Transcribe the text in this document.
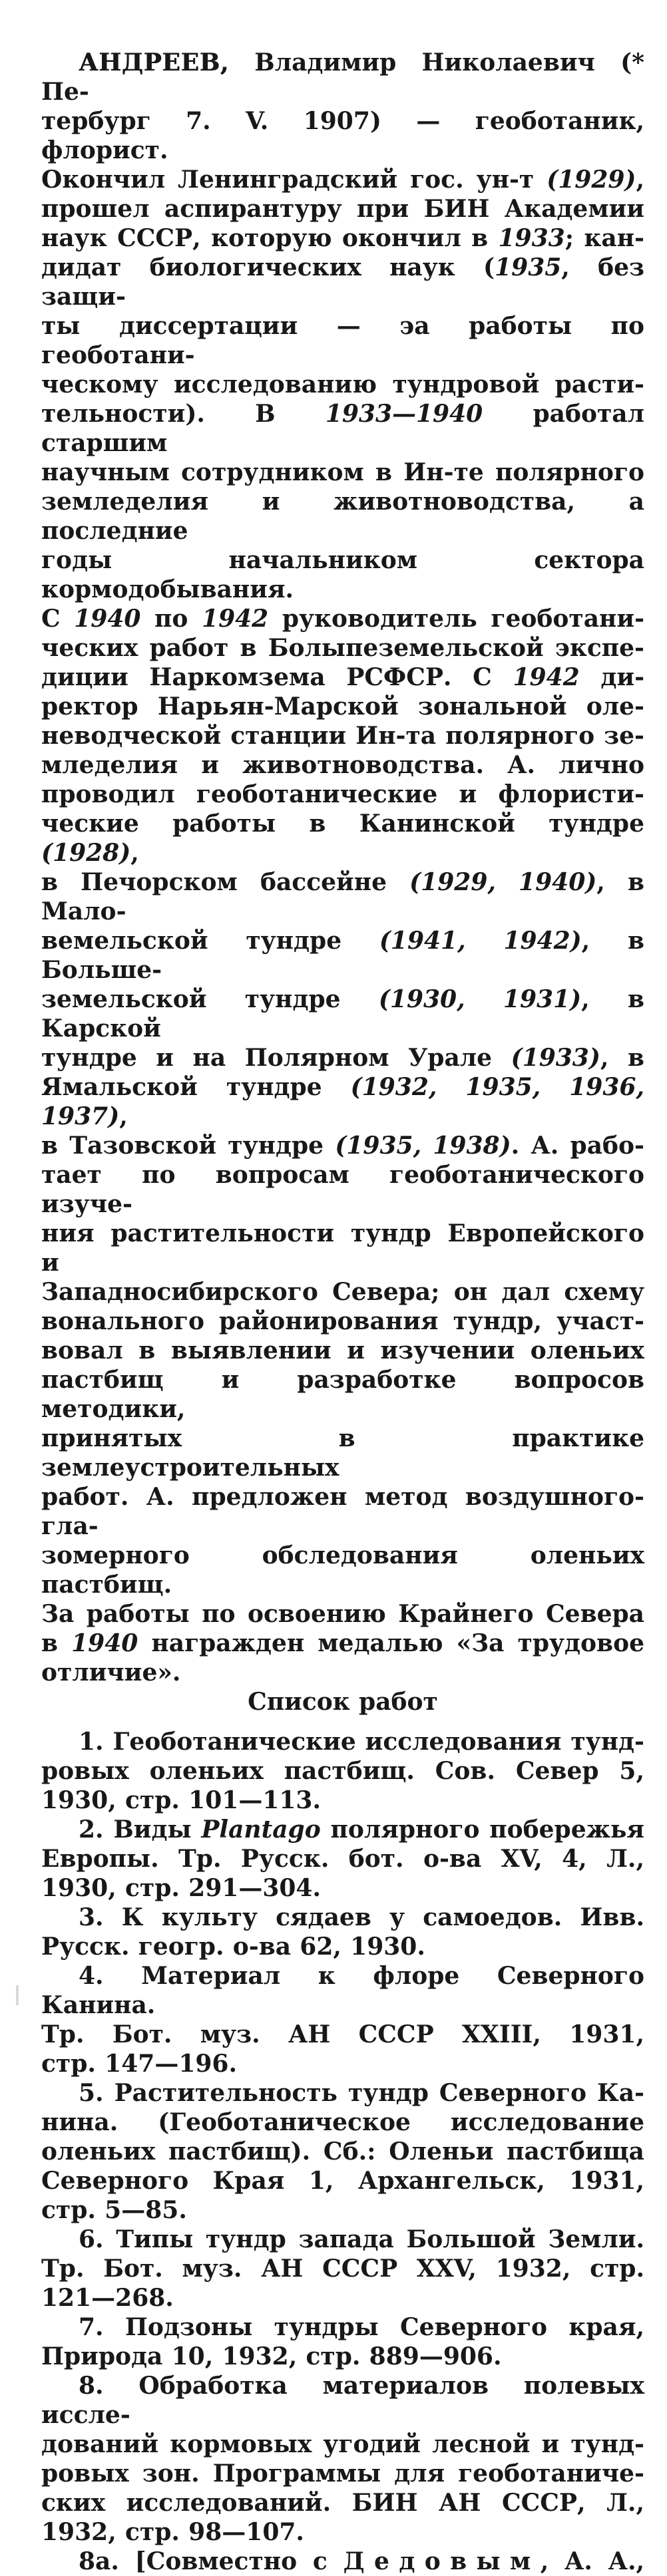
АНДРЕЕВ, Владимир Николаевич (* Пе-
тербург 7. V. 1907) — геоботаник, флорист.
Окончил Ленинградский гос. ун-т (1929),
прошел аспирантуру при БИН Академии
наук СССР, которую окончил в 1933; кан-
дидат биологических наук (1935, без защи-
ты диссертации — эа работы по геоботани-
ческому исследованию тундровой расти-
тельности). В 1933—1940 работал старшим
научным сотрудником в Ин-те полярного
земледелия и животноводства, а последние
годы начальником сектора кормодобывания.
С 1940 по 1942 руководитель геоботани-
ческих работ в Болыпеземельской экспе-
диции Наркомзема РСФСР. С 1942 ди-
ректор Нарьян-Марской зональной оле-
неводческой станции Ин-та полярного зе-
мледелия и животноводства. А. лично
проводил геоботанические и флористи-
ческие работы в Канинской тундре (1928),
в Печорском бассейне (1929, 1940), в Мало-
вемельской тундре (1941, 1942), в Больше-
земельской тундре (1930, 1931), в Карской
тундре и на Полярном Урале (1933), в
Ямальской тундре (1932, 1935, 1936, 1937),
в Тазовской тундре (1935, 1938). А. рабо-
тает по вопросам геоботанического изуче-
ния растительности тундр Европейского и
Западносибирского Севера; он дал схему
вонального районирования тундр, участ-
вовал в выявлении и изучении оленьих
пастбищ и разработке вопросов методики,
принятых в практике землеустроительных
работ. А. предложен метод воздушного-гла-
зомерного обследования оленьих пастбищ.
За работы по освоению Крайнего Севера
в 1940 награжден медалью «За трудовое
отличие».
Список работ
1. Геоботанические исследования тунд-
ровых оленьих пастбищ. Сов. Север 5,
1930, стр. 101—113.
2. Виды Plantago полярного побережья
Европы. Тр. Русск. бот. о-ва XV, 4, Л.,
1930, стр. 291—304.
3. К культу сядаев у самоедов. Ивв.
Русск. геогр. о-ва 62, 1930.
4. Материал к флоре Северного Канина.
Тр. Бот. муз. АН СССР XXIII, 1931,
стр. 147—196.
5. Растительность тундр Северного Ка-
нина. (Геоботаническое исследование
оленьих пастбищ). Сб.: Оленьи пастбища
Северного Края 1, Архангельск, 1931,
стр. 5—85.
6. Типы тундр запада Большой Земли.
Тр. Бот. муз. АН СССР XXV, 1932, стр.
121—268.
7. Подзоны тундры Северного края,
Природа 10, 1932, стр. 889—906.
8. Обработка материалов полевых иссле-
дований кормовых угодий лесной и тунд-
ровых зон. Программы для геоботаниче-
ских исследований. БИН АН СССР, Л.,
1932, стр. 98—107.
8а. [Совместно с Дедовым, А. А.,
